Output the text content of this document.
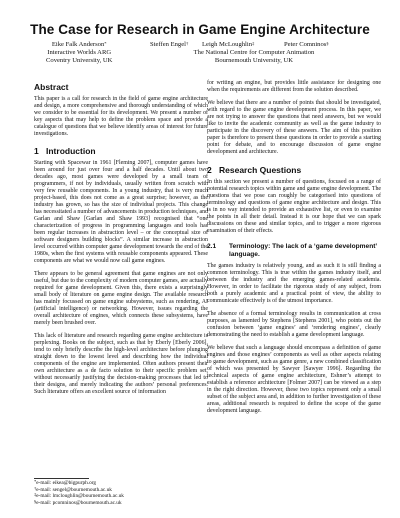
The Case for Research in Game Engine Architecture
Eike Falk Anderson*
Interactive Worlds ARG
Coventry University, UK
Steffen Engel† Leigh McLoughlin‡	Peter Comninos§
The National Centre for Computer Animation
Bournemouth University, UK
Abstract

This paper is a call for research in the field of game engine architecture and design, a more comprehensive and thorough understanding of which we consider to be essential for its development. We present a number of key aspects that may help to define the problem space and provide a catalogue of questions that we believe identify areas of interest for future investigations.

1 Introduction

Starting with Spacewar in 1961 [Fleming 2007], computer games have been around for just over four and a half decades. Until about two decades ago, most games were developed by a small team of programmers, if not by individuals, usually written from scratch with very few reusable components. In a young industry, that is very much project-based, this does not come as a great surprise; however, as the industry has grown, so has the size of individual projects. This change has necessitated a number of advancements in production techniques, and Garlan and Shaw [Garlan and Shaw 1993] recognised that “one characterization of progress in programming languages and tools has been regular increases in abstraction level – or the conceptual size of software designers building blocks”. A similar increase in abstraction level occurred within computer game development towards the end of the 1980s, when the first systems with reusable components appeared. These components are what we would now call game engines.

There appears to be general agreement that game engines are not only useful, but due to the complexity of modern computer games, are actually required for game development. Given this, there exists a surprisingly small body of literature on game engine design. The available research has mainly focussed on game engine subsystems, such as rendering, AI (artificial intelligence) or networking. However, issues regarding the overall architecture of engines, which connects these subsystems, have merely been brushed over.

This lack of literature and research regarding game engine architecture is perplexing. Books on the subject, such as that by Eberly [Eberly 2006], tend to only briefly describe the high-level architecture before plunging straight down to the lowest level and describing how the individual components of the engine are implemented. Often authors present their own architecture as a de facto solution to their specific problem set, without necessarily justifying the decision-making processes that led to their designs, and merely indicating the authors’ personal preferences. Such literature offers an excellent source of information

*e-mail: eikea@bigpurph.org
†e-mail: sengel@bournemouth.ac.uk
‡e-mail: lmcloughlin@bournemouth.ac.uk
§e-mail: pcomninos@bournemouth.ac.uk

for writing an engine, but provides little assistance for designing one when the requirements are different from the solution described.

We believe that there are a number of points that should be investigated, with regard to the game engine development process. In this paper, we are not trying to answer the questions that need answers, but we would like to invite the academic community as well as the game industry to participate in the discovery of these answers. The aim of this position paper is therefore to present these questions in order to provide a starting point for debate, and to encourage discussion of game engine development and architecture.

2 Research Questions

In this section we present a number of questions, focused on a range of potential research topics within game and game engine development. The questions that we pose can roughly be categorised into questions of terminology and questions of game engine architecture and design. This is in no way intended to provide an exhaustive list, or even to examine the points in all their detail. Instead it is our hope that we can spark discussions on these and similar topics, and to trigger a more rigorous examination of their effects.

2.1	Terminology: The lack of a ‘game development’ language.

The games industry is relatively young, and as such it is still finding a common terminology. This is true within the games industry itself, and between the industry and the emerging games-related academia. However, in order to facilitate the rigorous study of any subject, from both a purely academic and a practical point of view, the ability to communicate effectively is of the utmost importance.

The absence of a formal terminology results in communication at cross purposes, as lamented by Stephens [Stephens 2001], who points out the confusion between ‘game engines’ and ‘rendering engines’, clearly demonstrating the need to establish a game development language.

We believe that such a language should encompass a definition of game engines and those engines’ components as well as other aspects relating to game development, such as game genre, a new combined classification of which was presented by Sawyer [Sawyer 1996]. Regarding the technical aspects of game engine architecture, Eshner’s attempt to establish a reference architecture [Folmer 2007] can be viewed as a step in the right direction. However, these two topics represent only a small subset of the subject area and, in addition to further investigation of these areas, additional research is required to define the scope of the game development language.
